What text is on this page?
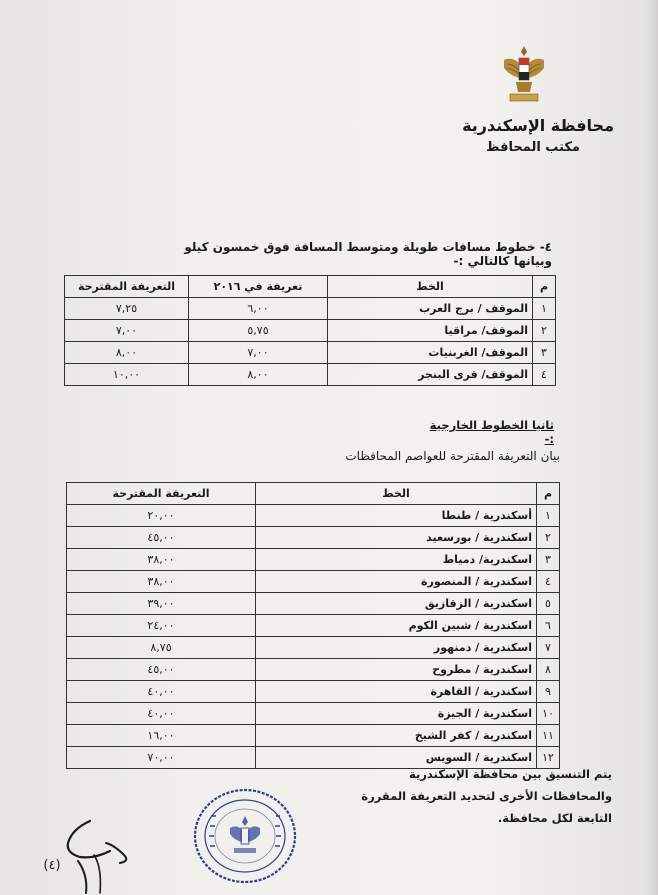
محافظة الإسكندرية
مكتب المحافظ
٤- خطوط مسافات طويلة ومتوسط المسافة فوق خمسون كيلو وبيانها كالتالي :-
م	الخط	تعريفة في ٢٠١٦	التعريفة المقترحة
١	الموقف / برج العرب	٦,٠٠	٧,٢٥
٢	الموقف/ مراقيا	٥,٧٥	٧,٠٠
٣	الموقف/ الغربنيات	٧,٠٠	٨,٠٠
٤	الموقف/ قرى البنجر	٨,٠٠	١٠,٠٠
ثانيا الخطوط الخارجية :-
بيان التعريفة المقترحة للعواصم المحافظات
م	الخط	التعريفة المقترحة
١	أسكندرية / طنطا	٢٠,٠٠
٢	اسكندرية / بورسعيد	٤٥,٠٠
٣	اسكندرية/ دمياط	٣٨,٠٠
٤	اسكندرية / المنصورة	٣٨,٠٠
٥	اسكندرية / الزقازيق	٣٩,٠٠
٦	اسكندرية / شبين الكوم	٢٤,٠٠
٧	اسكندرية / دمنهور	٨,٧٥
٨	اسكندرية / مطروح	٤٥,٠٠
٩	اسكندرية / القاهرة	٤٠,٠٠
١٠	اسكندرية / الجيزة	٤٠,٠٠
١١	اسكندرية / كفر الشيخ	١٦,٠٠
١٢	اسكندرية / السويس	٧٠,٠٠
يتم التنسيق بين محافظة الإسكندرية والمحافظات الأخرى لتحديد التعريفة المقررة
التابعة لكل محافظة.
(٤)
